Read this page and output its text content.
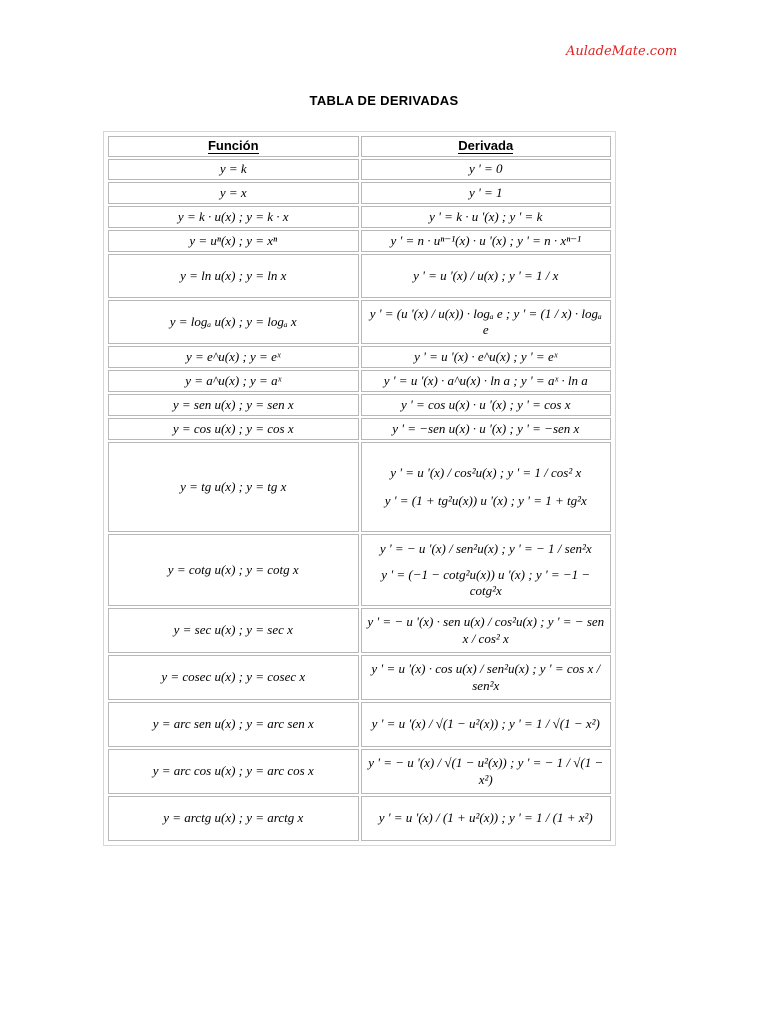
AuladeMate.com
TABLA DE DERIVADAS
Función	Derivada
y = k	y ' = 0

y = x	y ' = 1

y = k · u(x) ; y = k · x	y ' = k · u '(x) ; y ' = k

y = uⁿ(x) ; y = xⁿ	y ' = n · uⁿ⁻¹(x) · u '(x) ; y ' = n · xⁿ⁻¹

y = ln u(x) ; y = ln x	y ' = u '(x) / u(x) ; y ' = 1 / x

y = logₐ u(x) ; y = logₐ x	y ' = (u '(x) / u(x)) · logₐ e ; y ' = (1 / x) · logₐ e

y = e^u(x) ; y = eˣ	y ' = u '(x) · e^u(x) ; y ' = eˣ

y = a^u(x) ; y = aˣ	y ' = u '(x) · a^u(x) · ln a ; y ' = aˣ · ln a

y = sen u(x) ; y = sen x	y ' = cos u(x) · u '(x) ; y ' = cos x

y = cos u(x) ; y = cos x	y ' = −sen u(x) · u '(x) ; y ' = −sen x

y = tg u(x) ; y = tg x	y ' = u '(x) / cos²u(x) ; y ' = 1 / cos² x
y ' = (1 + tg²u(x)) u '(x) ; y ' = 1 + tg²x

y = cotg u(x) ; y = cotg x	y ' = − u '(x) / sen²u(x) ; y ' = − 1 / sen²x
y ' = (−1 − cotg²u(x)) u '(x) ; y ' = −1 − cotg²x

y = sec u(x) ; y = sec x	y ' = − u '(x) · sen u(x) / cos²u(x) ; y ' = − sen x / cos² x

y = cosec u(x) ; y = cosec x	y ' = u '(x) · cos u(x) / sen²u(x) ; y ' = cos x / sen²x

y = arc sen u(x) ; y = arc sen x	y ' = u '(x) / √(1 − u²(x)) ; y ' = 1 / √(1 − x²)

y = arc cos u(x) ; y = arc cos x	y ' = − u '(x) / √(1 − u²(x)) ; y ' = − 1 / √(1 − x²)

y = arctg u(x) ; y = arctg x	y ' = u '(x) / (1 + u²(x)) ; y ' = 1 / (1 + x²)
